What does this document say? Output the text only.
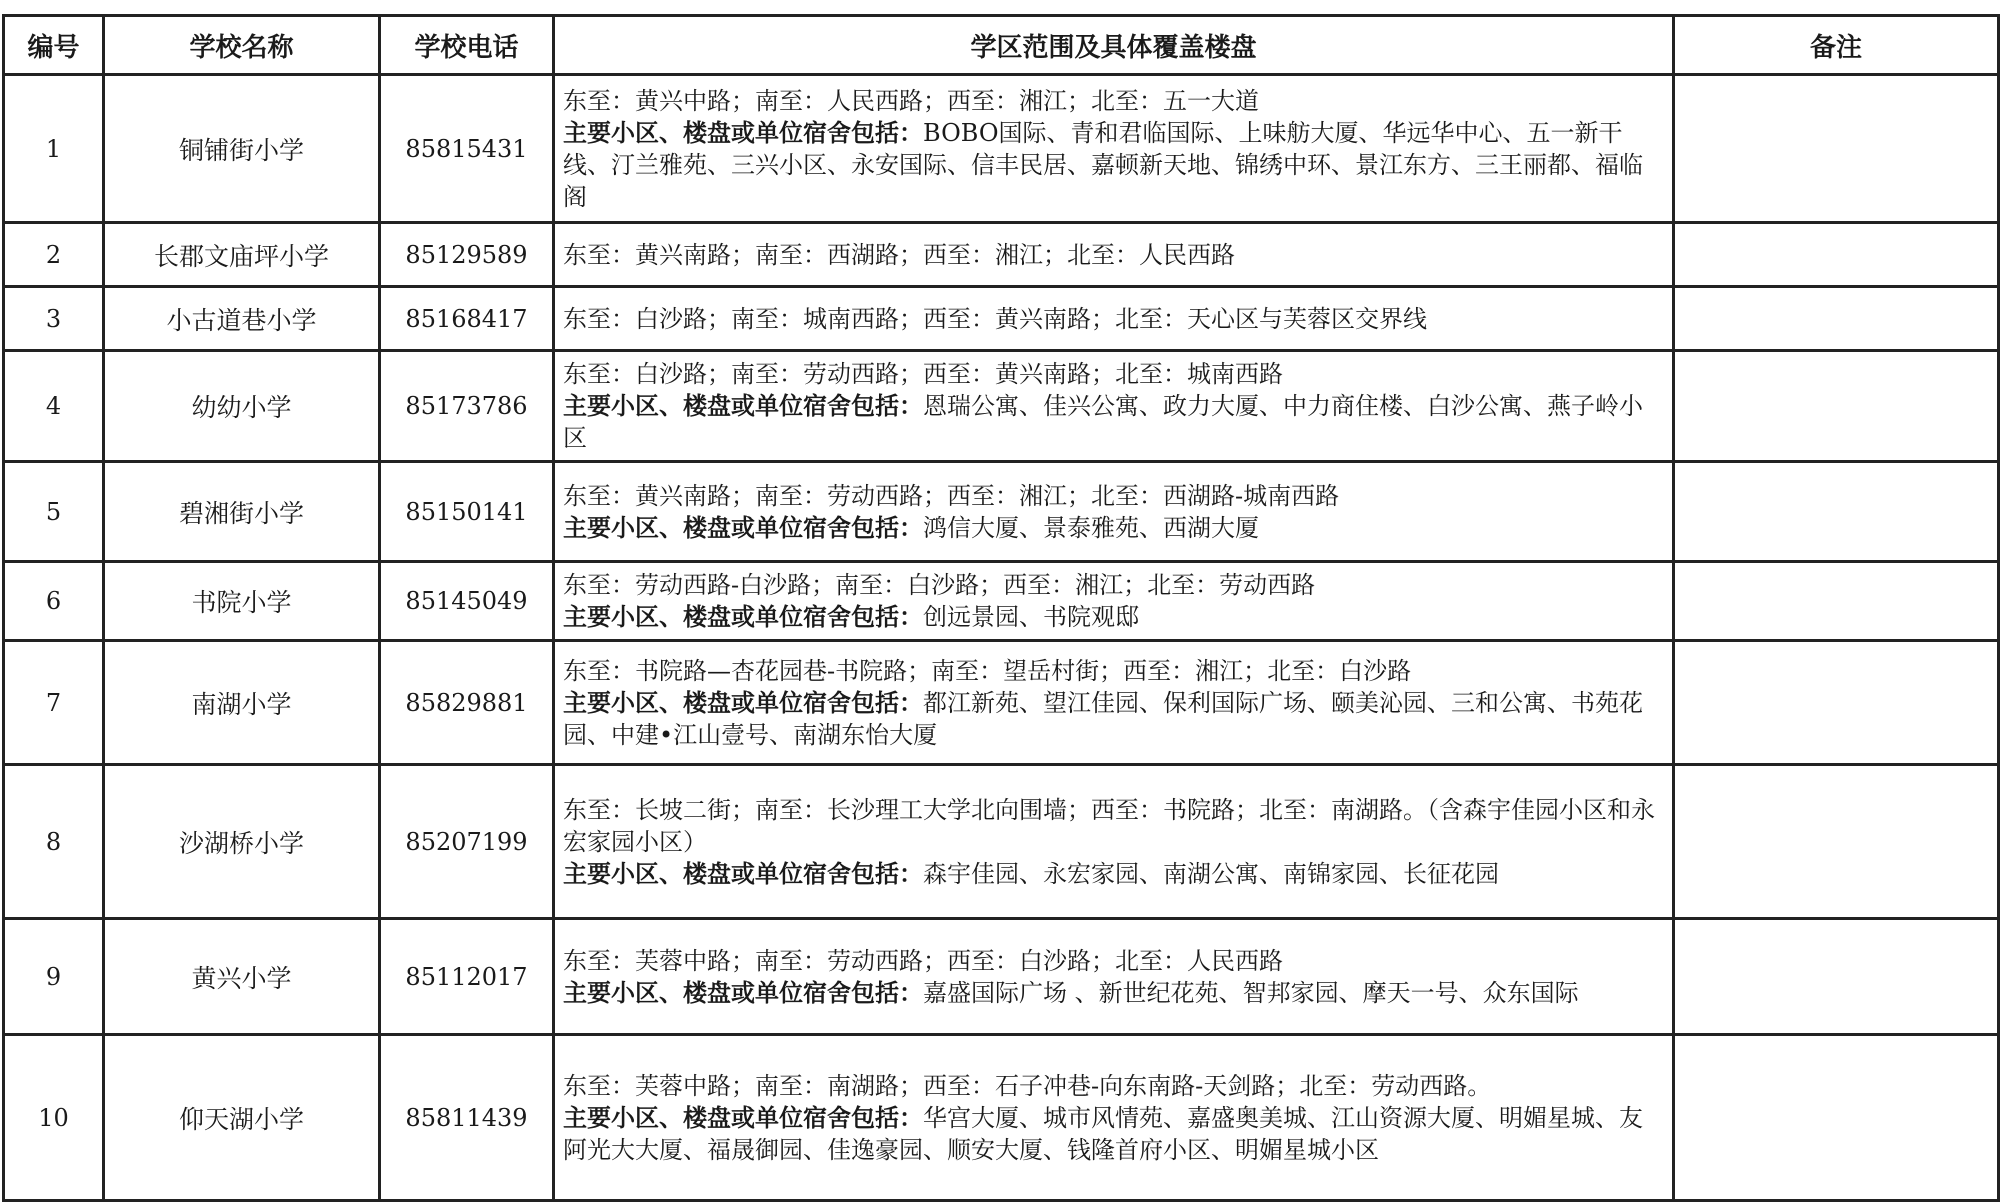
编号	学校名称	学校电话	学区范围及具体覆盖楼盘	备注
1	铜铺街小学	85815431	东至：黄兴中路；南至：人民西路；西至：湘江；北至：五一大道
主要小区、楼盘或单位宿舍包括：BOBO国际、青和君临国际、上味舫大厦、华远华中心、五一新干线、汀兰雅苑、三兴小区、永安国际、信丰民居、嘉顿新天地、锦绣中环、景江东方、三王丽都、福临阁	

2	长郡文庙坪小学	85129589	东至：黄兴南路；南至：西湖路；西至：湘江；北至：人民西路	

3	小古道巷小学	85168417	东至：白沙路；南至：城南西路；西至：黄兴南路；北至：天心区与芙蓉区交界线	

4	幼幼小学	85173786	东至：白沙路；南至：劳动西路；西至：黄兴南路；北至：城南西路
主要小区、楼盘或单位宿舍包括：恩瑞公寓、佳兴公寓、政力大厦、中力商住楼、白沙公寓、燕子岭小区	

5	碧湘街小学	85150141	东至：黄兴南路；南至：劳动西路；西至：湘江；北至：西湖路-城南西路
主要小区、楼盘或单位宿舍包括：鸿信大厦、景泰雅苑、西湖大厦	

6	书院小学	85145049	东至：劳动西路-白沙路；南至：白沙路；西至：湘江；北至：劳动西路
主要小区、楼盘或单位宿舍包括：创远景园、书院观邸	

7	南湖小学	85829881	东至：书院路—杏花园巷-书院路；南至：望岳村街；西至：湘江；北至：白沙路
主要小区、楼盘或单位宿舍包括：都江新苑、望江佳园、保利国际广场、颐美沁园、三和公寓、书苑花园、中建•江山壹号、南湖东怡大厦	

8	沙湖桥小学	85207199	东至：长坡二街；南至：长沙理工大学北向围墙；西至：书院路；北至：南湖路。（含森宇佳园小区和永宏家园小区）
主要小区、楼盘或单位宿舍包括：森宇佳园、永宏家园、南湖公寓、南锦家园、长征花园	

9	黄兴小学	85112017	东至：芙蓉中路；南至：劳动西路；西至：白沙路；北至：人民西路
主要小区、楼盘或单位宿舍包括：嘉盛国际广场 、新世纪花苑、智邦家园、摩天一号、众东国际	

10	仰天湖小学	85811439	东至：芙蓉中路；南至：南湖路；西至：石子冲巷-向东南路-天剑路；北至：劳动西路。
主要小区、楼盘或单位宿舍包括：华宫大厦、城市风情苑、嘉盛奥美城、江山资源大厦、明媚星城、友阿光大大厦、福晟御园、佳逸豪园、顺安大厦、钱隆首府小区、明媚星城小区	
